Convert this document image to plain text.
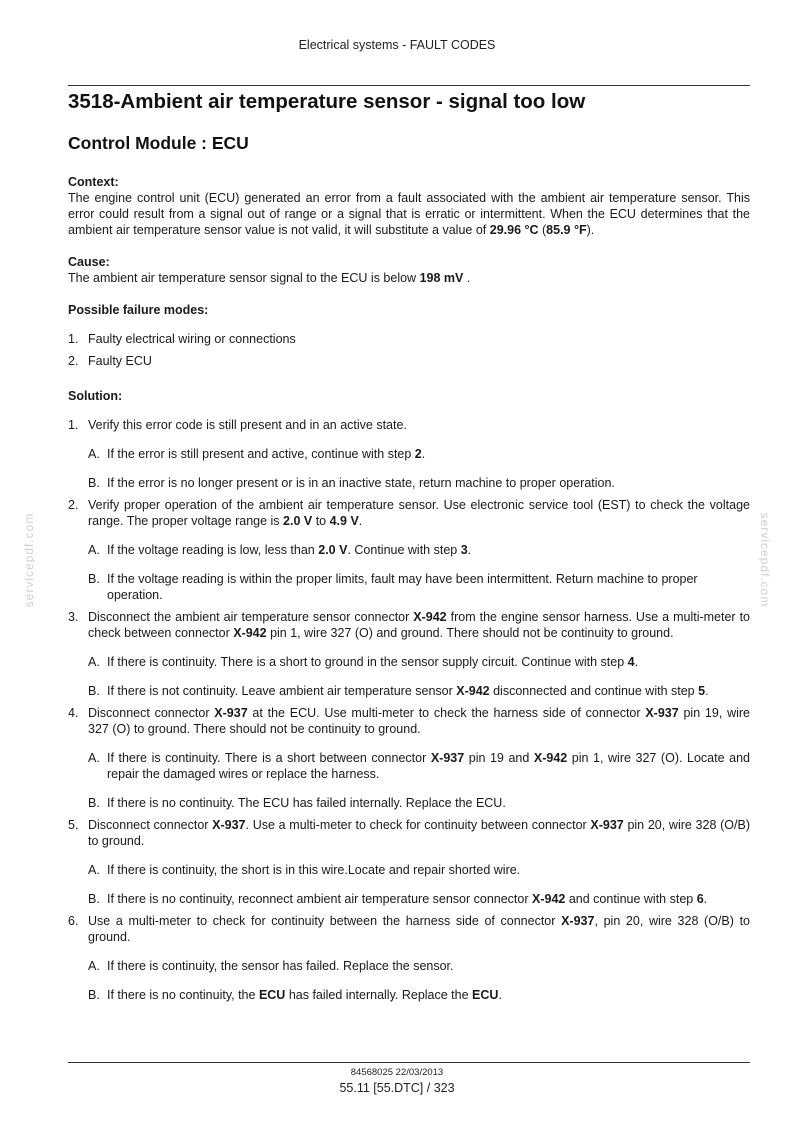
Electrical systems - FAULT CODES
servicepdf.com	servicepdf.com
3518-Ambient air temperature sensor - signal too low
Control Module : ECU
Context:

The engine control unit (ECU) generated an error from a fault associated with the ambient air temperature sensor. This error could result from a signal out of range or a signal that is erratic or intermittent. When the ECU determines that the ambient air temperature sensor value is not valid, it will substitute a value of 29.96 °C (85.9 °F).

Cause:

The ambient air temperature sensor signal to the ECU is below 198 mV .

Possible failure modes:
1. Faulty electrical wiring or connections
2. Faulty ECU
Solution:
1. Verify this error code is still present and in an active state.
A. If the error is still present and active, continue with step 2.
B. If the error is no longer present or is in an inactive state, return machine to proper operation.
2. Verify proper operation of the ambient air temperature sensor. Use electronic service tool (EST) to check the voltage range. The proper voltage range is 2.0 V to 4.9 V.
A. If the voltage reading is low, less than 2.0 V. Continue with step 3.
B. If the voltage reading is within the proper limits, fault may have been intermittent. Return machine to proper operation.
3. Disconnect the ambient air temperature sensor connector X-942 from the engine sensor harness. Use a multi-meter to check between connector X-942 pin 1, wire 327 (O) and ground. There should not be continuity to ground.
A. If there is continuity. There is a short to ground in the sensor supply circuit. Continue with step 4.
B. If there is not continuity. Leave ambient air temperature sensor X-942 disconnected and continue with step 5.
4. Disconnect connector X-937 at the ECU. Use multi-meter to check the harness side of connector X-937 pin 19, wire 327 (O) to ground. There should not be continuity to ground.
A. If there is continuity. There is a short between connector X-937 pin 19 and X-942 pin 1, wire 327 (O). Locate and repair the damaged wires or replace the harness.
B. If there is no continuity. The ECU has failed internally. Replace the ECU.
5. Disconnect connector X-937. Use a multi-meter to check for continuity between connector X-937 pin 20, wire 328 (O/B) to ground.
A. If there is continuity, the short is in this wire.Locate and repair shorted wire.
B. If there is no continuity, reconnect ambient air temperature sensor connector X-942 and continue with step 6.
6. Use a multi-meter to check for continuity between the harness side of connector X-937, pin 20, wire 328 (O/B) to ground.
A. If there is continuity, the sensor has failed. Replace the sensor.
B. If there is no continuity, the ECU has failed internally. Replace the ECU.
84568025 22/03/2013
55.11 [55.DTC] / 323
